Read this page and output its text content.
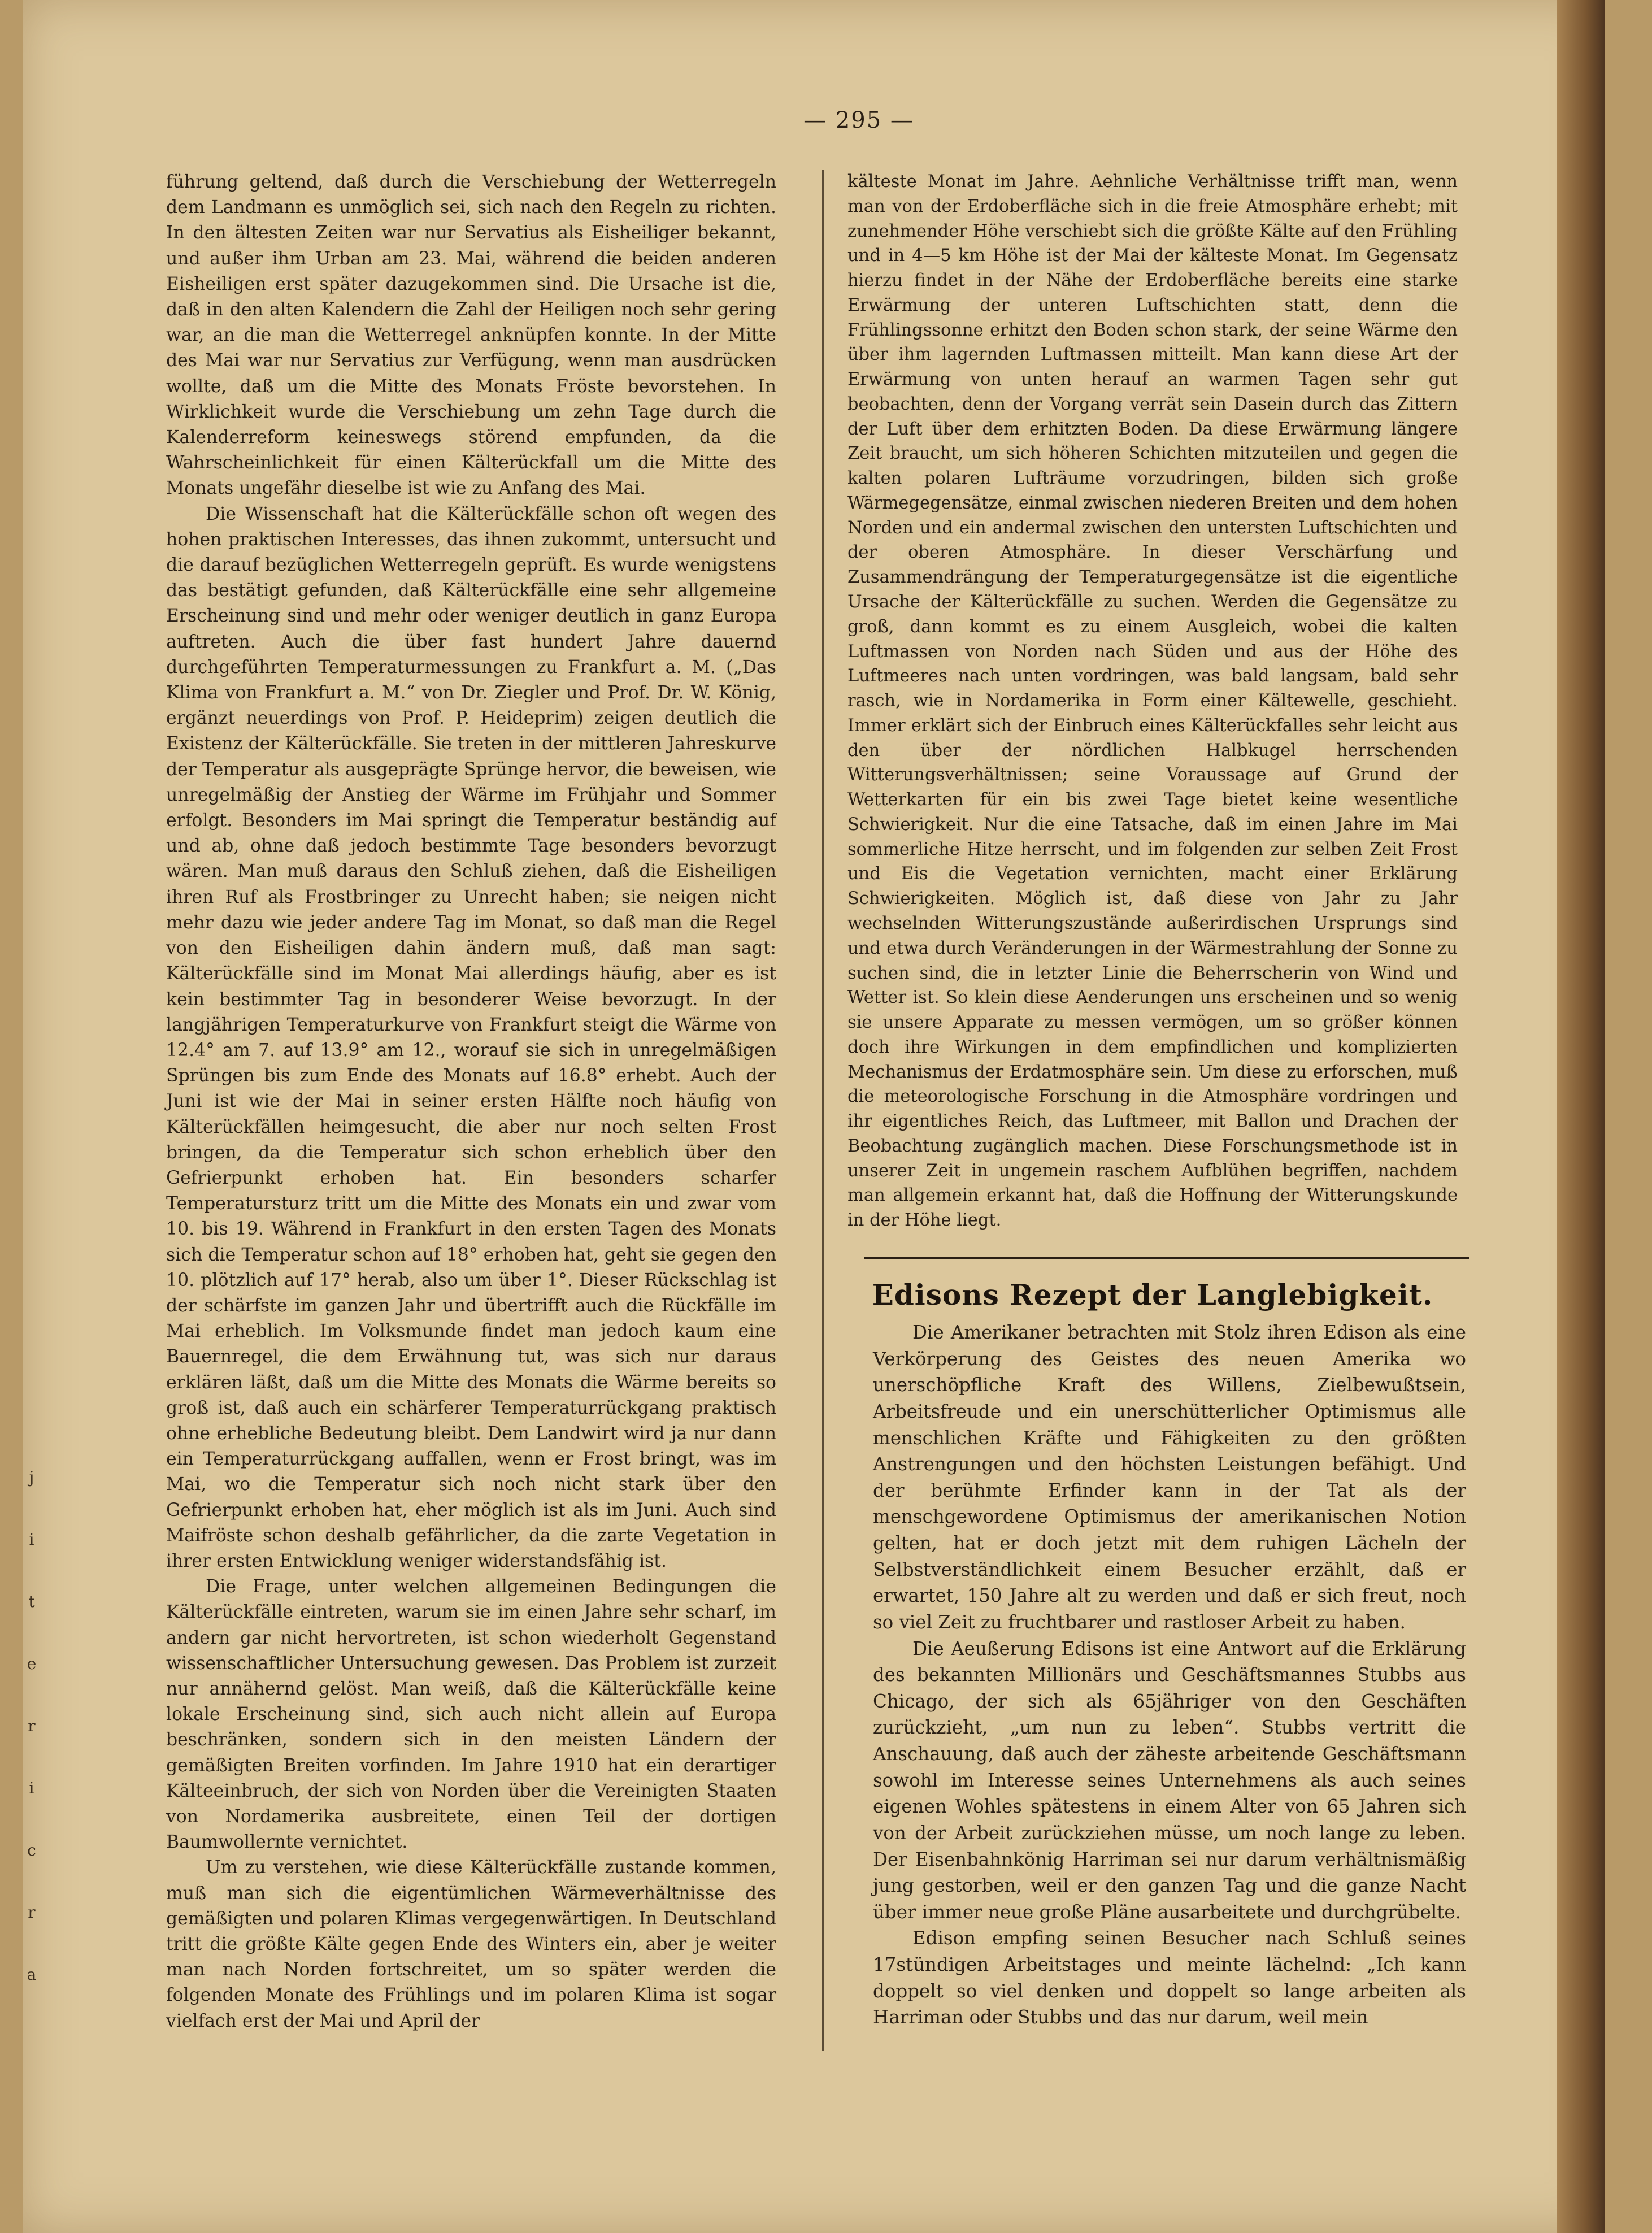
— 295 —

führung geltend, daß durch die Verschiebung der Wetterregeln dem Landmann es unmöglich sei, sich nach den Regeln zu richten. In den ältesten Zeiten war nur Servatius als Eisheiliger bekannt, und außer ihm Urban am 23. Mai, während die beiden anderen Eisheiligen erst später dazugekommen sind. Die Ursache ist die, daß in den alten Kalendern die Zahl der Heiligen noch sehr gering war, an die man die Wetterregel anknüpfen konnte. In der Mitte des Mai war nur Servatius zur Verfügung, wenn man ausdrücken wollte, daß um die Mitte des Monats Fröste bevorstehen. In Wirklichkeit wurde die Verschiebung um zehn Tage durch die Kalenderreform keineswegs störend empfunden, da die Wahrscheinlichkeit für einen Kälterückfall um die Mitte des Monats ungefähr dieselbe ist wie zu Anfang des Mai.

Die Wissenschaft hat die Kälterückfälle schon oft wegen des hohen praktischen Interesses, das ihnen zukommt, untersucht und die darauf bezüglichen Wetterregeln geprüft. Es wurde wenigstens das bestätigt gefunden, daß Kälterückfälle eine sehr allgemeine Erscheinung sind und mehr oder weniger deutlich in ganz Europa auftreten. Auch die über fast hundert Jahre dauernd durchgeführten Temperaturmessungen zu Frankfurt a. M. („Das Klima von Frankfurt a. M.“ von Dr. Ziegler und Prof. Dr. W. König, ergänzt neuerdings von Prof. P. Heideprim) zeigen deutlich die Existenz der Kälterückfälle. Sie treten in der mittleren Jahreskurve der Temperatur als ausgeprägte Sprünge hervor, die beweisen, wie unregelmäßig der Anstieg der Wärme im Frühjahr und Sommer erfolgt. Besonders im Mai springt die Temperatur beständig auf und ab, ohne daß jedoch bestimmte Tage besonders bevorzugt wären. Man muß daraus den Schluß ziehen, daß die Eisheiligen ihren Ruf als Frostbringer zu Unrecht haben; sie neigen nicht mehr dazu wie jeder andere Tag im Monat, so daß man die Regel von den Eisheiligen dahin ändern muß, daß man sagt: Kälterückfälle sind im Monat Mai allerdings häufig, aber es ist kein bestimmter Tag in besonderer Weise bevorzugt. In der langjährigen Temperaturkurve von Frankfurt steigt die Wärme von 12.4° am 7. auf 13.9° am 12., worauf sie sich in unregelmäßigen Sprüngen bis zum Ende des Monats auf 16.8° erhebt. Auch der Juni ist wie der Mai in seiner ersten Hälfte noch häufig von Kälterückfällen heimgesucht, die aber nur noch selten Frost bringen, da die Temperatur sich schon erheblich über den Gefrierpunkt erhoben hat. Ein besonders scharfer Temperatursturz tritt um die Mitte des Monats ein und zwar vom 10. bis 19. Während in Frankfurt in den ersten Tagen des Monats sich die Temperatur schon auf 18° erhoben hat, geht sie gegen den 10. plötzlich auf 17° herab, also um über 1°. Dieser Rückschlag ist der schärfste im ganzen Jahr und übertrifft auch die Rückfälle im Mai erheblich. Im Volksmunde findet man jedoch kaum eine Bauernregel, die dem Erwähnung tut, was sich nur daraus erklären läßt, daß um die Mitte des Monats die Wärme bereits so groß ist, daß auch ein schärferer Temperaturrückgang praktisch ohne erhebliche Bedeutung bleibt. Dem Landwirt wird ja nur dann ein Temperaturrückgang auffallen, wenn er Frost bringt, was im Mai, wo die Temperatur sich noch nicht stark über den Gefrierpunkt erhoben hat, eher möglich ist als im Juni. Auch sind Maifröste schon deshalb gefährlicher, da die zarte Vegetation in ihrer ersten Entwicklung weniger widerstandsfähig ist.

Die Frage, unter welchen allgemeinen Bedingungen die Kälterückfälle eintreten, warum sie im einen Jahre sehr scharf, im andern gar nicht hervortreten, ist schon wiederholt Gegenstand wissenschaftlicher Untersuchung gewesen. Das Problem ist zurzeit nur annähernd gelöst. Man weiß, daß die Kälterückfälle keine lokale Erscheinung sind, sich auch nicht allein auf Europa beschränken, sondern sich in den meisten Ländern der gemäßigten Breiten vorfinden. Im Jahre 1910 hat ein derartiger Kälteeinbruch, der sich von Norden über die Vereinigten Staaten von Nordamerika ausbreitete, einen Teil der dortigen Baumwollernte vernichtet.

Um zu verstehen, wie diese Kälterückfälle zustande kommen, muß man sich die eigentümlichen Wärmeverhältnisse des gemäßigten und polaren Klimas vergegenwärtigen. In Deutschland tritt die größte Kälte gegen Ende des Winters ein, aber je weiter man nach Norden fortschreitet, um so später werden die folgenden Monate des Frühlings und im polaren Klima ist sogar vielfach erst der Mai und April der

kälteste Monat im Jahre. Aehnliche Verhältnisse trifft man, wenn man von der Erdoberfläche sich in die freie Atmosphäre erhebt; mit zunehmender Höhe verschiebt sich die größte Kälte auf den Frühling und in 4—5 km Höhe ist der Mai der kälteste Monat. Im Gegensatz hierzu findet in der Nähe der Erdoberfläche bereits eine starke Erwärmung der unteren Luftschichten statt, denn die Frühlingssonne erhitzt den Boden schon stark, der seine Wärme den über ihm lagernden Luftmassen mitteilt. Man kann diese Art der Erwärmung von unten herauf an warmen Tagen sehr gut beobachten, denn der Vorgang verrät sein Dasein durch das Zittern der Luft über dem erhitzten Boden. Da diese Erwärmung längere Zeit braucht, um sich höheren Schichten mitzuteilen und gegen die kalten polaren Lufträume vorzudringen, bilden sich große Wärmegegensätze, einmal zwischen niederen Breiten und dem hohen Norden und ein andermal zwischen den untersten Luftschichten und der oberen Atmosphäre. In dieser Verschärfung und Zusammendrängung der Temperaturgegensätze ist die eigentliche Ursache der Kälterückfälle zu suchen. Werden die Gegensätze zu groß, dann kommt es zu einem Ausgleich, wobei die kalten Luftmassen von Norden nach Süden und aus der Höhe des Luftmeeres nach unten vordringen, was bald langsam, bald sehr rasch, wie in Nordamerika in Form einer Kältewelle, geschieht. Immer erklärt sich der Einbruch eines Kälterückfalles sehr leicht aus den über der nördlichen Halbkugel herrschenden Witterungsverhältnissen; seine Voraussage auf Grund der Wetterkarten für ein bis zwei Tage bietet keine wesentliche Schwierigkeit. Nur die eine Tatsache, daß im einen Jahre im Mai sommerliche Hitze herrscht, und im folgenden zur selben Zeit Frost und Eis die Vegetation vernichten, macht einer Erklärung Schwierigkeiten. Möglich ist, daß diese von Jahr zu Jahr wechselnden Witterungszustände außerirdischen Ursprungs sind und etwa durch Veränderungen in der Wärmestrahlung der Sonne zu suchen sind, die in letzter Linie die Beherrscherin von Wind und Wetter ist. So klein diese Aenderungen uns erscheinen und so wenig sie unsere Apparate zu messen vermögen, um so größer können doch ihre Wirkungen in dem empfindlichen und komplizierten Mechanismus der Erdatmosphäre sein. Um diese zu erforschen, muß die meteorologische Forschung in die Atmosphäre vordringen und ihr eigentliches Reich, das Luftmeer, mit Ballon und Drachen der Beobachtung zugänglich machen. Diese Forschungsmethode ist in unserer Zeit in ungemein raschem Aufblühen begriffen, nachdem man allgemein erkannt hat, daß die Hoffnung der Witterungskunde in der Höhe liegt.

Edisons Rezept der Langlebigkeit.

Die Amerikaner betrachten mit Stolz ihren Edison als eine Verkörperung des Geistes des neuen Amerika wo unerschöpfliche Kraft des Willens, Zielbewußtsein, Arbeitsfreude und ein unerschütterlicher Optimismus alle menschlichen Kräfte und Fähigkeiten zu den größten Anstrengungen und den höchsten Leistungen befähigt. Und der berühmte Erfinder kann in der Tat als der menschgewordene Optimismus der amerikanischen Notion gelten, hat er doch jetzt mit dem ruhigen Lächeln der Selbstverständlichkeit einem Besucher erzählt, daß er erwartet, 150 Jahre alt zu werden und daß er sich freut, noch so viel Zeit zu fruchtbarer und rastloser Arbeit zu haben.

Die Aeußerung Edisons ist eine Antwort auf die Erklärung des bekannten Millionärs und Geschäftsmannes Stubbs aus Chicago, der sich als 65jähriger von den Geschäften zurückzieht, „um nun zu leben“. Stubbs vertritt die Anschauung, daß auch der zäheste arbeitende Geschäftsmann sowohl im Interesse seines Unternehmens als auch seines eigenen Wohles spätestens in einem Alter von 65 Jahren sich von der Arbeit zurückziehen müsse, um noch lange zu leben. Der Eisenbahnkönig Harriman sei nur darum verhältnismäßig jung gestorben, weil er den ganzen Tag und die ganze Nacht über immer neue große Pläne ausarbeitete und durchgrübelte.

Edison empfing seinen Besucher nach Schluß seines 17stündigen Arbeitstages und meinte lächelnd: „Ich kann doppelt so viel denken und doppelt so lange arbeiten als Harriman oder Stubbs und das nur darum, weil mein

j
i
t
e
r
i
c
r
a
